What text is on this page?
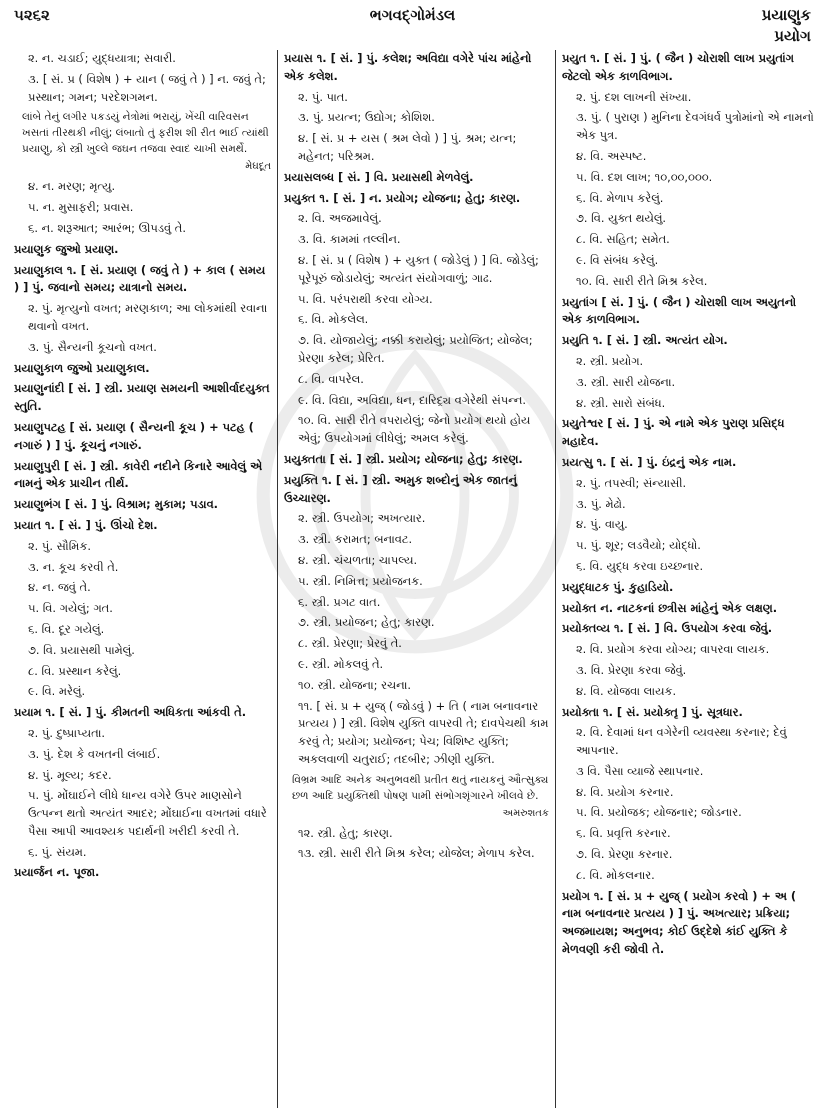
૫૨૬૨	ભગવદ્ગોમંડલ	પ્રયાણુક
પ્રયોગ
૨. ન. ચડાઈ; યુદ્ધયાત્રા; સવારી.
૩. [ સં. પ્ર ( વિશેષ ) + યાન ( જવું તે ) ] ન. જવું તે; પ્રસ્થાન; ગમન; પરદેશગમન.
લાંબે તેનું લગીર પકડયું નેત્રોમાં ભરાયું, ખેંચી વારિવસન ખસતાં તીરથકી નીલું; લંબાતો તું ફરીશ શી રીત ભાઈ ત્યાંથી પ્રયાણુ, કો સ્ત્રી ખુલ્લે જઘન તજવા સ્વાદ ચાખી સમર્થે.
મેઘદૂત
૪. ન. મરણ; મૃત્યુ.
૫. ન. મુસાફરી; પ્રવાસ.
૬. ન. શરૂઆત; આરંભ; ઊપડવું તે.
પ્રયાણુક જુઓ પ્રયાણ.
પ્રયાણુકાલ ૧. [ સં. પ્રયાણ ( જવું તે ) + કાલ ( સમય ) ] પું. જવાનો સમય; યાત્રાનો સમય.
૨. પું. મૃત્યુનો વખત; મરણકાળ; આ લોકમાંથી રવાના થવાનો વખત.
૩. પું. સૈન્યની કૂચનો વખત.
પ્રયાણુકાળ જુઓ પ્રયાણુકાલ.
પ્રયાણુનાંદી [ સં. ] સ્ત્રી. પ્રયાણ સમયની આશીર્વાદયુક્ત સ્તુતિ.
પ્રયાણુપટહ [ સં. પ્રયાણ ( સૈન્યની કૂચ ) + પટહ ( નગારું ) ] પું. કૂચનું નગારું.
પ્રયાણુપુરી [ સં. ] સ્ત્રી. કાવેરી નદીને કિનારે આવેલું એ નામનું એક પ્રાચીન તીર્થ.
પ્રયાણુભંગ [ સં. ] પું. વિશ્રામ; મુકામ; પડાવ.
પ્રયાત ૧. [ સં. ] પું. ઊંચો દેશ.
૨. પું. સૌમિક.
૩. ન. કૂચ કરવી તે.
૪. ન. જવું તે.
૫. વિ. ગયેલું; ગત.
૬. વિ. દૂર ગયેલું.
૭. વિ. પ્રયાસથી પામેલું.
૮. વિ. પ્રસ્થાન કરેલું.
૯. વિ. મરેલું.
પ્રયામ ૧. [ સં. ] પું. કીમતની અધિકતા આંકવી તે.
૨. પું. દુષ્પ્રાપ્યતા.
૩. પું. દેશ કે વખતની લંબાઈ.
૪. પું. મૂલ્ય; કદર.
૫. પું. મોંઘાઈને લીધે ધાન્ય વગેરે ઉપર માણસોને ઉત્પન્ન થતો અત્યંત આદર; મોંઘાઈના વખતમાં વધારે પૈસા આપી આવશ્યક પદાર્થની ખરીદી કરવી તે.
૬. પું. સંયમ.
પ્રયાર્જન ન. પૂજા.
પ્રયાસ ૧. [ સં. ] પું. કલેશ; અવિદ્યા વગેરે પાંચ માંહેનો એક કલેશ.
૨. પું. પાત.
૩. પું. પ્રયત્ન; ઉદ્યોગ; કોશિશ.
૪. [ સં. પ્ર + યસ ( શ્રમ લેવો ) ] પું. શ્રમ; યત્ન; મહેનત; પરિશ્રમ.
પ્રયાસલબ્ધ [ સં. ] વિ. પ્રયાસથી મેળવેલું.
પ્રયુક્ત ૧. [ સં. ] ન. પ્રયોગ; યોજના; હેતુ; કારણ.
૨. વિ. અજમાવેલું.
૩. વિ. કામમાં તલ્લીન.
૪. [ સં. પ્ર ( વિશેષ ) + યુક્ત ( જોડેલું ) ] વિ. જોડેલું; પૂરેપૂરું જોડાયેલું; અત્યંત સંયોગવાળું; ગાઢ.
૫. વિ. પરંપરાથી કરવા યોગ્ય.
૬. વિ. મોકલેલ.
૭. વિ. યોજાયેલું; નક્કી કરાયેલું; પ્રયોજિત; યોજેલ; પ્રેરણા કરેલ; પ્રેરિત.
૮. વિ. વાપરેલ.
૯. વિ. વિદ્યા, અવિદ્યા, ધન, દારિદ્ર્ય વગેરેથી સંપન્ન.
૧૦. વિ. સારી રીતે વપરાયેલું; જેનો પ્રયોગ થયો હોય એવું; ઉપયોગમાં લીધેલું; અમલ કરેલું.
પ્રયુક્તતા [ સં. ] સ્ત્રી. પ્રયોગ; યોજના; હેતુ; કારણ.
પ્રયુક્તિ ૧. [ સં. ] સ્ત્રી. અમુક શબ્દોનું એક જાતનું ઉચ્ચારણ.
૨. સ્ત્રી. ઉપયોગ; અખત્યાર.
૩. સ્ત્રી. કરામત; બનાવટ.
૪. સ્ત્રી. ચંચળતા; ચાપલ્ય.
૫. સ્ત્રી. નિમિત્ત; પ્રયોજનક.
૬. સ્ત્રી. પ્રગટ વાત.
૭. સ્ત્રી. પ્રયોજન; હેતુ; કારણ.
૮. સ્ત્રી. પ્રેરણા; પ્રેરવું તે.
૯. સ્ત્રી. મોકલવું તે.
૧૦. સ્ત્રી. યોજના; રચના.
૧૧. [ સં. પ્ર + યુજ્ ( જોડવું ) + તિ ( નામ બનાવનાર પ્રત્યય ) ] સ્ત્રી. વિશેષ યુક્તિ વાપરવી તે; દાવપેચથી કામ કરવું તે; પ્રયોગ; પ્રયોજન; પેચ; વિશિષ્ટ યુક્તિ; અકલવાળી ચતુરાઈ; તદબીર; ઝીણી યુક્તિ.
વિભ્રમ આદિ અનેક અનુભવથી પ્રતીત થતું નાયકનું ઔત્સુક્ય છળ આદિ પ્રયુક્તિથી પોષણ પામી સંભોગશૃંગારને ખીલવે છે.
અમરુશતક
૧૨. સ્ત્રી. હેતુ; કારણ.
૧૩. સ્ત્રી. સારી રીતે મિશ્ર કરેલ; યોજેલ; મેળાપ કરેલ.
પ્રયુત ૧. [ સં. ] પું. ( જૈન ) ચોરાશી લાખ પ્રયુતાંગ જેટલો એક કાળવિભાગ.
૨. પું. દશ લાખની સંખ્યા.
૩. પું. ( પુરાણ ) મુનિના દેવગંધર્વ પુત્રોમાંનો એ નામનો એક પુત્ર.
૪. વિ. અસ્પષ્ટ.
૫. વિ. દશ લાખ; ૧૦,૦૦,૦૦૦.
૬. વિ. મેળાપ કરેલું.
૭. વિ. યુક્ત થયેલું.
૮. વિ. સહિત; સમેત.
૯. વિ સંબંધ કરેલું.
૧૦. વિ. સારી રીતે મિશ્ર કરેલ.
પ્રયુતાંગ [ સં. ] પું. ( જૈન ) ચોરાશી લાખ અયુતનો એક કાળવિભાગ.
પ્રયુતિ ૧. [ સં. ] સ્ત્રી. અત્યંત યોગ.
૨. સ્ત્રી. પ્રયોગ.
૩. સ્ત્રી. સારી યોજના.
૪. સ્ત્રી. સારો સંબંધ.
પ્રયુતેશ્વર [ સં. ] પું. એ નામે એક પુરાણ પ્રસિદ્ધ મહાદેવ.
પ્રયત્સુ ૧. [ સં. ] પું. ઇંદ્રનું એક નામ.
૨. પું. તપસ્વી; સંન્યાસી.
૩. પું. મેઢો.
૪. પું. વાયુ.
૫. પું. શૂર; લડવૈયો; યોદ્ધો.
૬. વિ. યુદ્ધ કરવા ઇચ્છનાર.
પ્રયુદ્ધાટક પું. કુહાડિયો.
પ્રયોક્ત ન. નાટકનાં છત્રીસ માંહેનું એક લક્ષણ.
પ્રયોક્તવ્ય ૧. [ સં. ] વિ. ઉપયોગ કરવા જેવું.
૨. વિ. પ્રયોગ કરવા યોગ્ય; વાપરવા લાયક.
૩. વિ. પ્રેરણા કરવા જેવું.
૪. વિ. યોજવા લાયક.
પ્રયોક્તા ૧. [ સં. પ્રયોક્તૃ ] પું. સૂત્રધાર.
૨. વિ. દેવામાં ધન વગેરેની વ્યવસ્થા કરનાર; દેવું આપનાર.
૩ વિ. પૈસા વ્યાજે સ્થાપનાર.
૪. વિ. પ્રયોગ કરનાર.
૫. વિ. પ્રયોજક; યોજનાર; જોડનાર.
૬. વિ. પ્રવૃત્તિ કરનાર.
૭. વિ. પ્રેરણા કરનાર.
૮. વિ. મોકલનાર.
પ્રયોગ ૧. [ સં. પ્ર + યુજ્ ( પ્રયોગ કરવો ) + અ ( નામ બનાવનાર પ્રત્યય ) ] પું. અખત્યાર; પ્રક્રિયા; અજમાયશ; અનુભવ; કોઈ ઉદ્દેશે કાંઈ યુક્તિ કે મેળવણી કરી જોવી તે.
